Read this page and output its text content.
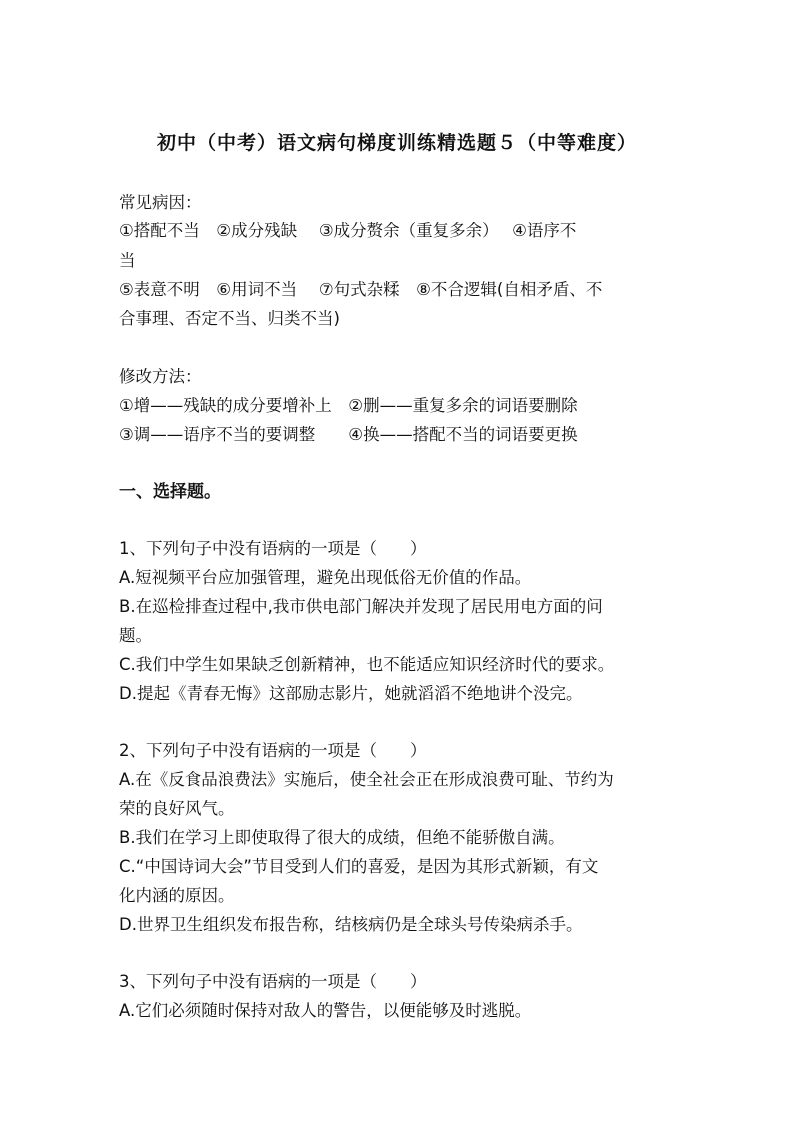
初中（中考）语文病句梯度训练精选题５（中等难度）
常见病因：
①搭配不当　②成分残缺　 ③成分赘余（重复多余）　 ④语序不
当
⑤表意不明　⑥用词不当　 ⑦句式杂糅　⑧不合逻辑(自相矛盾、不
合事理、否定不当、归类不当)
修改方法：
①增——残缺的成分要增补上　②删——重复多余的词语要删除
③调——语序不当的要调整　　④换——搭配不当的词语要更换
一、选择题。
1、下列句子中没有语病的一项是（　　）
A.短视频平台应加强管理，避免出现低俗无价值的作品。
B.在巡检排查过程中,我市供电部门解决并发现了居民用电方面的问
题。
C.我们中学生如果缺乏创新精神，也不能适应知识经济时代的要求。
D.提起《青春无悔》这部励志影片，她就滔滔不绝地讲个没完。
2、下列句子中没有语病的一项是（　　）
A.在《反食品浪费法》实施后，使全社会正在形成浪费可耻、节约为
荣的良好风气。
B.我们在学习上即使取得了很大的成绩，但绝不能骄傲自满。
C.“中国诗词大会”节目受到人们的喜爱，是因为其形式新颖，有文
化内涵的原因。
D.世界卫生组织发布报告称，结核病仍是全球头号传染病杀手。
3、下列句子中没有语病的一项是（　　）
A.它们必须随时保持对敌人的警告，以便能够及时逃脱。
